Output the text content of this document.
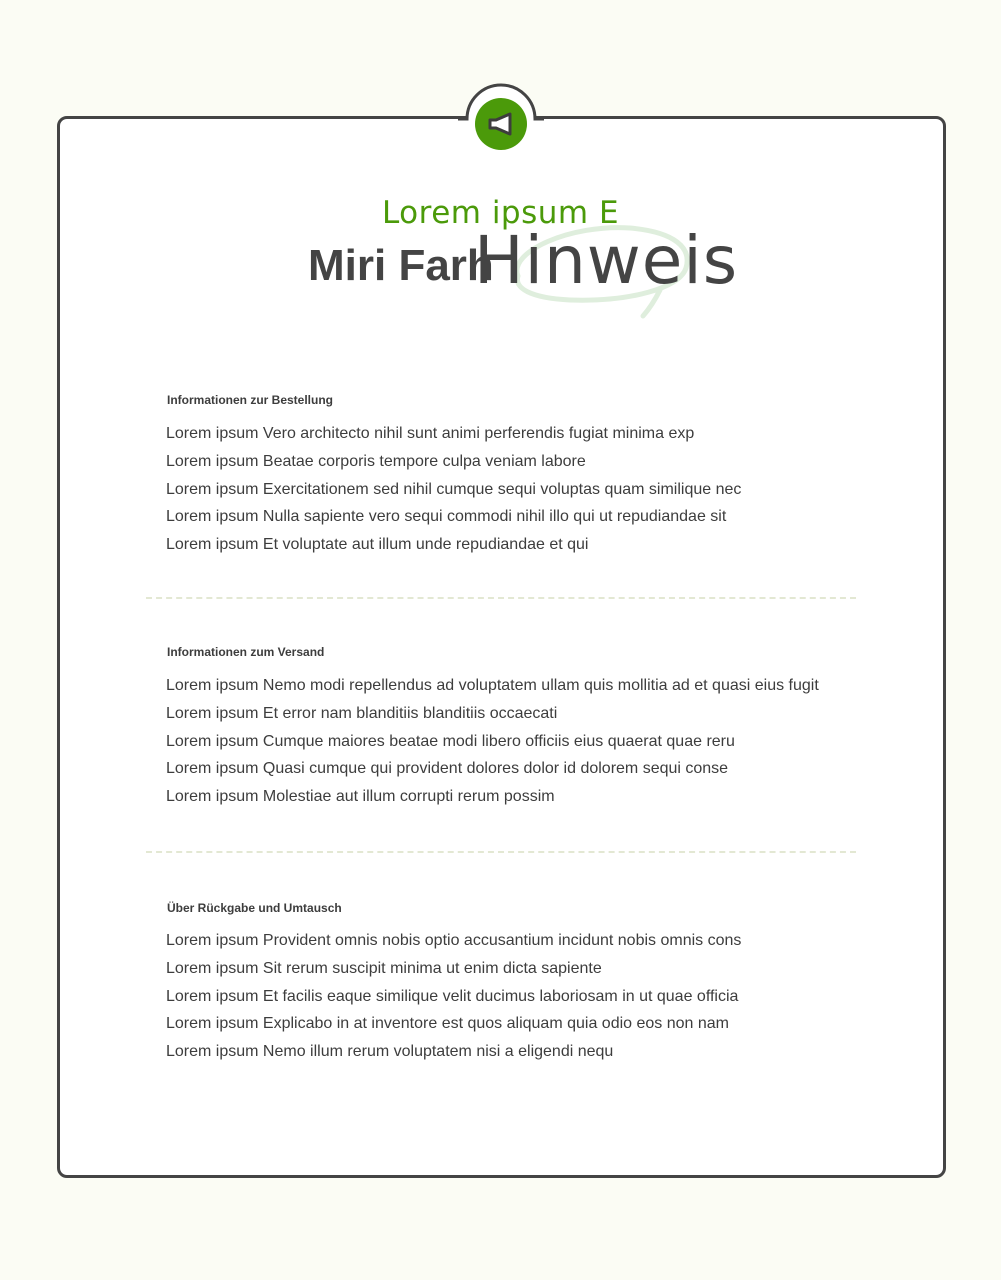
Lorem ipsum E
Miri Farh
Hinweis
Informationen zur Bestellung
Lorem ipsum Vero architecto nihil sunt animi perferendis fugiat minima exp
Lorem ipsum Beatae corporis tempore culpa veniam labore
Lorem ipsum Exercitationem sed nihil cumque sequi voluptas quam similique nec
Lorem ipsum Nulla sapiente vero sequi commodi nihil illo qui ut repudiandae sit
Lorem ipsum Et voluptate aut illum unde repudiandae et qui
Informationen zum Versand
Lorem ipsum Nemo modi repellendus ad voluptatem ullam quis mollitia ad et quasi eius fugit
Lorem ipsum Et error nam blanditiis blanditiis occaecati
Lorem ipsum Cumque maiores beatae modi libero officiis eius quaerat quae reru
Lorem ipsum Quasi cumque qui provident dolores dolor id dolorem sequi conse
Lorem ipsum Molestiae aut illum corrupti rerum possim
Über Rückgabe und Umtausch
Lorem ipsum Provident omnis nobis optio accusantium incidunt nobis omnis cons
Lorem ipsum Sit rerum suscipit minima ut enim dicta sapiente
Lorem ipsum Et facilis eaque similique velit ducimus laboriosam in ut quae officia
Lorem ipsum Explicabo in at inventore est quos aliquam quia odio eos non nam
Lorem ipsum Nemo illum rerum voluptatem nisi a eligendi nequ
